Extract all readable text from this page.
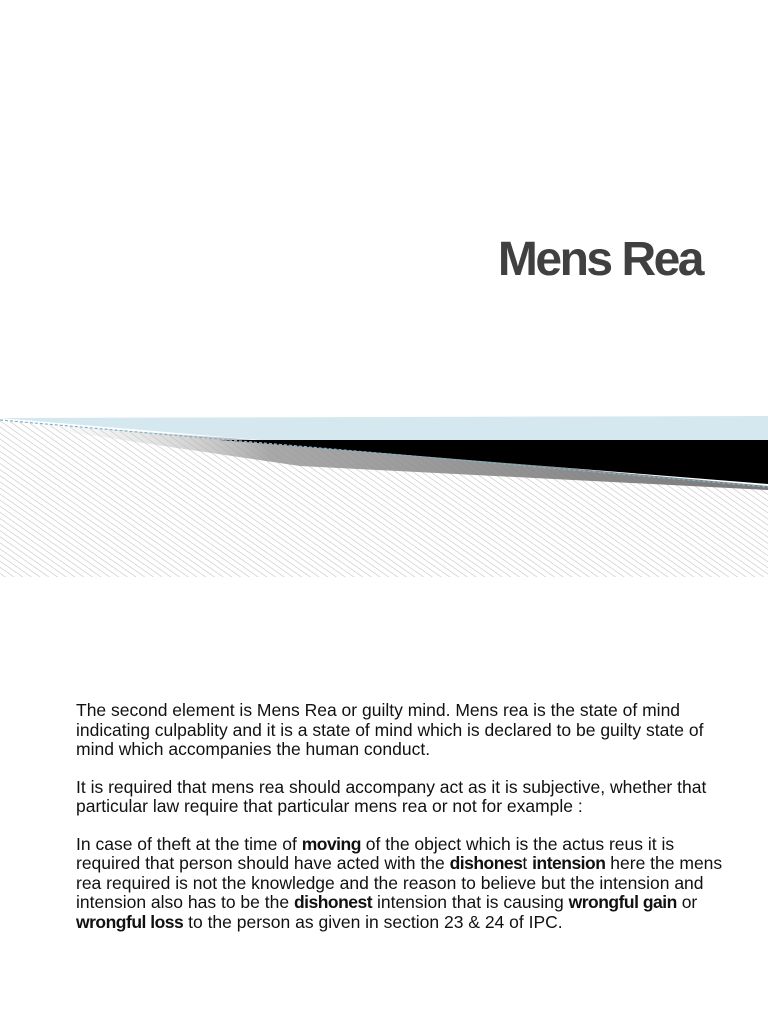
Mens Rea

The second element is Mens Rea or guilty mind. Mens rea is the state of mind indicating culpablity and it is a state of mind which is declared to be guilty state of mind which accompanies the human conduct.

It is required that mens rea should accompany act as it is subjective, whether that particular law require that particular mens rea or not for example :

In case of theft at the time of moving of the object which is the actus reus it is required that person should have acted with the dishonest intension here the mens rea required is not the knowledge and the reason to believe but the intension and intension also has to be the dishonest intension that is causing wrongful gain or wrongful loss to the person as given in section 23 & 24 of IPC.
